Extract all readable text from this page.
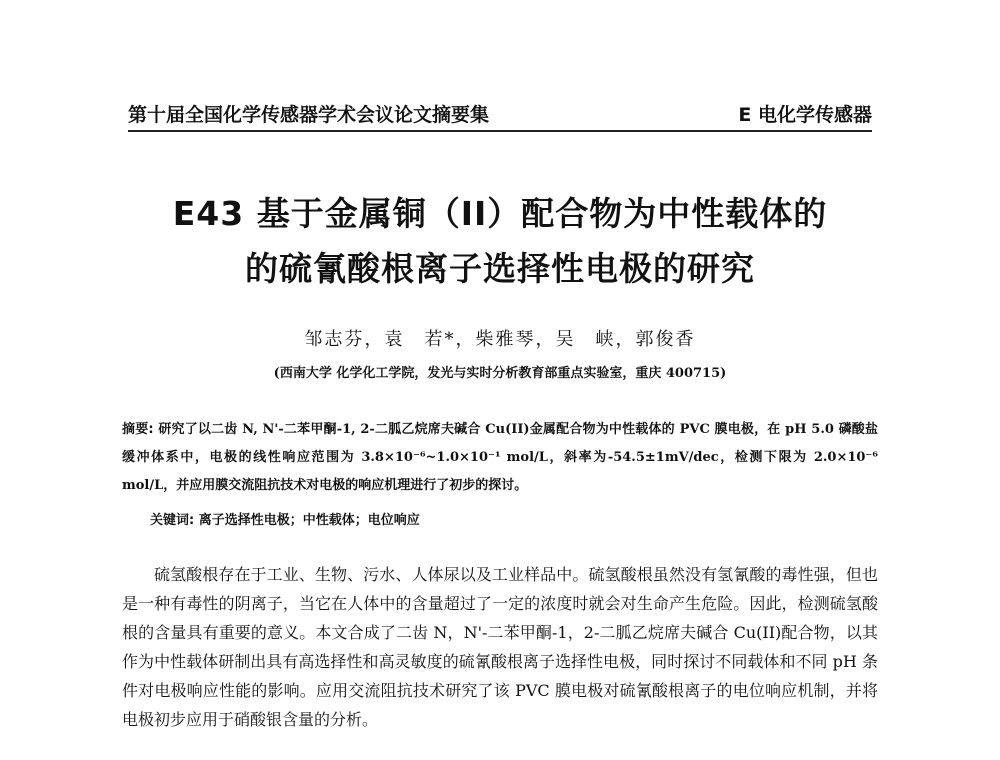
第十届全国化学传感器学术会议论文摘要集	E 电化学传感器
E43 基于金属铜（II）配合物为中性载体的
的硫氰酸根离子选择性电极的研究
邹志芬，袁　若*，柴雅琴，吴　峡，郭俊香
(西南大学 化学化工学院，发光与实时分析教育部重点实验室，重庆 400715)
摘要: 研究了以二齿 N, N'-二苯甲酮-1, 2-二胍乙烷席夫碱合 Cu(II)金属配合物为中性载体的 PVC 膜电极，在 pH 5.0 磷酸盐缓冲体系中，电极的线性响应范围为 3.8×10⁻⁶~1.0×10⁻¹ mol/L，斜率为-54.5±1mV/dec，检测下限为 2.0×10⁻⁶ mol/L，并应用膜交流阻抗技术对电极的响应机理进行了初步的探讨。
关键词: 离子选择性电极；中性载体；电位响应
硫氢酸根存在于工业、生物、污水、人体尿以及工业样品中。硫氢酸根虽然没有氢氰酸的毒性强，但也是一种有毒性的阴离子，当它在人体中的含量超过了一定的浓度时就会对生命产生危险。因此，检测硫氢酸根的含量具有重要的意义。本文合成了二齿 N，N'-二苯甲酮-1，2-二胍乙烷席夫碱合 Cu(II)配合物，以其作为中性载体研制出具有高选择性和高灵敏度的硫氰酸根离子选择性电极，同时探讨不同载体和不同 pH 条件对电极响应性能的影响。应用交流阻抗技术研究了该 PVC 膜电极对硫氰酸根离子的电位响应机制，并将电极初步应用于硝酸银含量的分析。
